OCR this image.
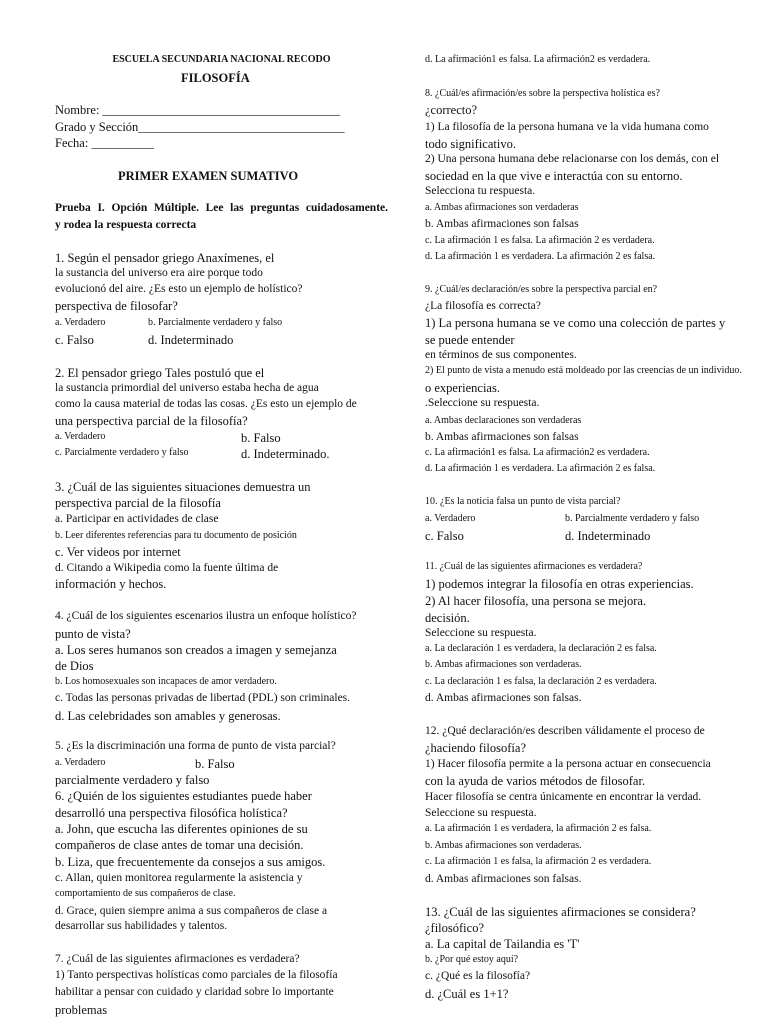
ESCUELA SECUNDARIA NACIONAL RECODO
FILOSOFÍA
Nombre: ______________________________________
Grado y Sección_________________________________
Fecha: __________
PRIMER EXAMEN SUMATIVO
Prueba I. Opción Múltiple. Lee las preguntas cuidadosamente.
y rodea la respuesta correcta
1. Según el pensador griego Anaxímenes, el
la sustancia del universo era aire porque todo
evolucionó del aire. ¿Es esto un ejemplo de holístico?
perspectiva de filosofar?
a. Verdadero	b. Parcialmente verdadero y falso
c. Falso	d. Indeterminado
2. El pensador griego Tales postuló que el
la sustancia primordial del universo estaba hecha de agua
como la causa material de todas las cosas. ¿Es esto un ejemplo de
una perspectiva parcial de la filosofía?
a. Verdadero	b. Falso
c. Parcialmente verdadero y falso	d. Indeterminado.
3. ¿Cuál de las siguientes situaciones demuestra un
perspectiva parcial de la filosofía
a. Participar en actividades de clase
b. Leer diferentes referencias para tu documento de posición
c. Ver videos por internet
d. Citando a Wikipedia como la fuente última de
información y hechos.
4. ¿Cuál de los siguientes escenarios ilustra un enfoque holístico?
punto de vista?
a. Los seres humanos son creados a imagen y semejanza
de Dios
b. Los homosexuales son incapaces de amor verdadero.
c. Todas las personas privadas de libertad (PDL) son criminales.
d. Las celebridades son amables y generosas.
5. ¿Es la discriminación una forma de punto de vista parcial?
a. Verdadero	b. Falso
parcialmente verdadero y falso
6. ¿Quién de los siguientes estudiantes puede haber
desarrolló una perspectiva filosófica holística?
a. John, que escucha las diferentes opiniones de su
compañeros de clase antes de tomar una decisión.
b. Liza, que frecuentemente da consejos a sus amigos.
c. Allan, quien monitorea regularmente la asistencia y
comportamiento de sus compañeros de clase.
d. Grace, quien siempre anima a sus compañeros de clase a
desarrollar sus habilidades y talentos.
7. ¿Cuál de las siguientes afirmaciones es verdadera?
1) Tanto perspectivas holísticas como parciales de la filosofía
habilitar a pensar con cuidado y claridad sobre lo importante
problemas
d. La afirmación1 es falsa. La afirmación2 es verdadera.
8. ¿Cuál/es afirmación/es sobre la perspectiva holística es?
¿correcto?
1) La filosofía de la persona humana ve la vida humana como
todo significativo.
2) Una persona humana debe relacionarse con los demás, con el
sociedad en la que vive e interactúa con su entorno.
Selecciona tu respuesta.
a. Ambas afirmaciones son verdaderas
b. Ambas afirmaciones son falsas
c. La afirmación 1 es falsa. La afirmación 2 es verdadera.
d. La afirmación 1 es verdadera. La afirmación 2 es falsa.
9. ¿Cuál/es declaración/es sobre la perspectiva parcial en?
¿La filosofía es correcta?
1) La persona humana se ve como una colección de partes y
se puede entender
en términos de sus componentes.
2) El punto de vista a menudo está moldeado por las creencias de un individuo.
o experiencias.
.Seleccione su respuesta.
a. Ambas declaraciones son verdaderas
b. Ambas afirmaciones son falsas
c. La afirmación1 es falsa. La afirmación2 es verdadera.
d. La afirmación 1 es verdadera. La afirmación 2 es falsa.
10. ¿Es la noticia falsa un punto de vista parcial?
a. Verdadero	b. Parcialmente verdadero y falso
c. Falso	d. Indeterminado
11. ¿Cuál de las siguientes afirmaciones es verdadera?
1) podemos integrar la filosofía en otras experiencias.
2) Al hacer filosofía, una persona se mejora.
decisión.
Seleccione su respuesta.
a. La declaración 1 es verdadera, la declaración 2 es falsa.
b. Ambas afirmaciones son verdaderas.
c. La declaración 1 es falsa, la declaración 2 es verdadera.
d. Ambas afirmaciones son falsas.
12. ¿Qué declaración/es describen válidamente el proceso de
¿haciendo filosofía?
1) Hacer filosofía permite a la persona actuar en consecuencia
con la ayuda de varios métodos de filosofar.
Hacer filosofía se centra únicamente en encontrar la verdad.
Seleccione su respuesta.
a. La afirmación 1 es verdadera, la afirmación 2 es falsa.
b. Ambas afirmaciones son verdaderas.
c. La afirmación 1 es falsa, la afirmación 2 es verdadera.
d. Ambas afirmaciones son falsas.
13. ¿Cuál de las siguientes afirmaciones se considera?
¿filosófico?
a. La capital de Tailandia es 'T'
b. ¿Por qué estoy aquí?
c. ¿Qué es la filosofía?
d. ¿Cuál es 1+1?
